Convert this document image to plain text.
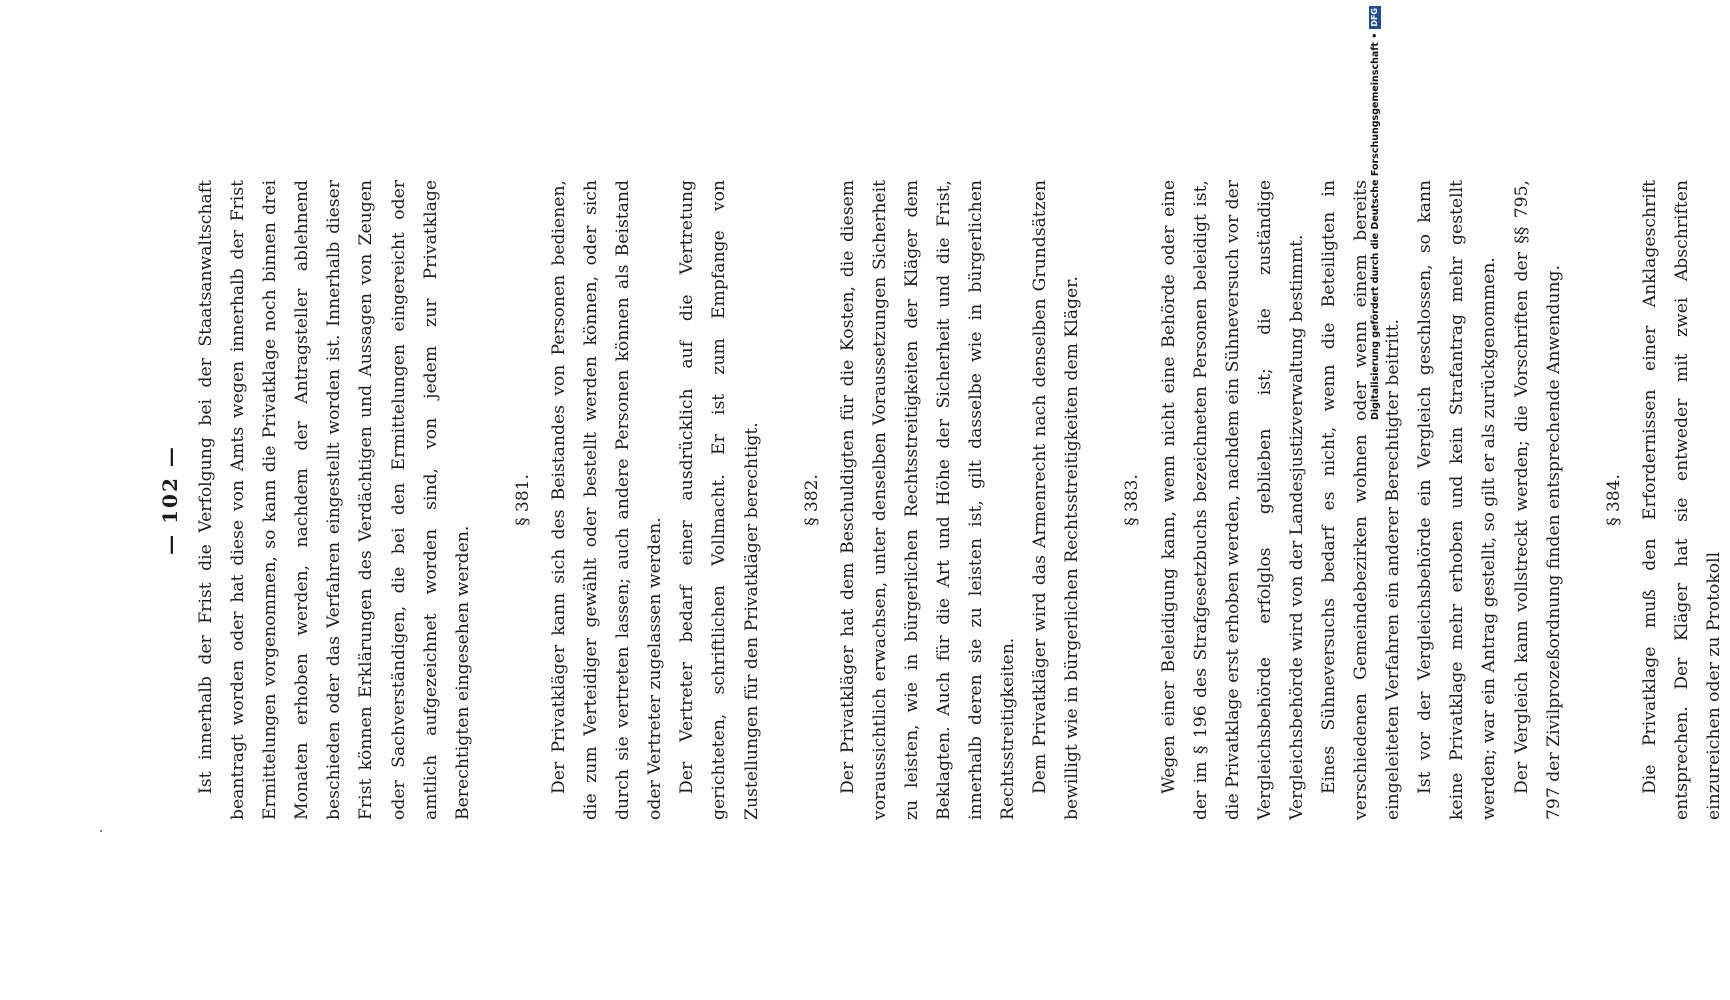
— 102 — Ist innerhalb der Frist die Verfolgung bei der Staatsanwaltschaft beantragt worden oder hat diese von Amts wegen innerhalb der Frist Ermittelungen vorgenommen, so kann die Privatklage noch binnen drei Monaten erhoben werden, nachdem der Antragsteller ablehnend beschieden oder das Verfahren eingestellt worden ist. Innerhalb dieser Frist können Erklärungen des Verdächtigen und Aussagen von Zeugen oder Sachverständigen, die bei den Ermittelungen eingereicht oder amtlich aufgezeichnet worden sind, von jedem zur Privatklage Berechtigten eingesehen werden.

§ 381. Der Privatkläger kann sich des Beistandes von Personen bedienen, die zum Verteidiger gewählt oder bestellt werden können, oder sich durch sie vertreten lassen; auch andere Personen können als Beistand oder Vertreter zugelassen werden. Der Vertreter bedarf einer ausdrücklich auf die Vertretung gerichteten, schriftlichen Vollmacht. Er ist zum Empfange von Zustellungen für den Privatkläger berechtigt.	§ 382. Der Privatkläger hat dem Beschuldigten für die Kosten, die diesem voraussichtlich erwachsen, unter denselben Voraussetzungen Sicherheit zu leisten, wie in bürgerlichen Rechtsstreitigkeiten der Kläger dem Beklagten. Auch für die Art und Höhe der Sicherheit und die Frist, innerhalb deren sie zu leisten ist, gilt dasselbe wie in bürgerlichen Rechtsstreitigkeiten. Dem Privatkläger wird das Armenrecht nach denselben Grundsätzen bewilligt wie in bürgerlichen Rechtsstreitigkeiten dem Kläger.	§ 383. Wegen einer Beleidigung kann, wenn nicht eine Behörde oder eine der im § 196 des Strafgesetzbuchs bezeichneten Personen beleidigt ist, die Privatklage erst erhoben werden, nachdem ein Sühneversuch vor der Vergleichsbehörde erfolglos geblieben ist; die zuständige Vergleichsbehörde wird von der Landesjustizverwaltung bestimmt. Eines Sühneversuchs bedarf es nicht, wenn die Beteiligten in verschiedenen Gemeindebezirken wohnen oder wenn einem bereits eingeleiteten Verfahren ein anderer Berechtigter beitritt. Ist vor der Vergleichsbehörde ein Vergleich geschlossen, so kann keine Privatklage mehr erhoben und kein Strafantrag mehr gestellt werden; war ein Antrag gestellt, so gilt er als zurückgenommen. Der Vergleich kann vollstreckt werden; die Vorschriften der §§ 795, 797 der Zivilprozeßordnung finden entsprechende Anwendung.	§ 384. Die Privatklage muß den Erfordernissen einer Anklageschrift entsprechen. Der Kläger hat sie entweder mit zwei Abschriften einzureichen oder zu Protokoll

Digitalisierung gefördert durch die Deutsche Forschungsgemeinschaft •
DFG
